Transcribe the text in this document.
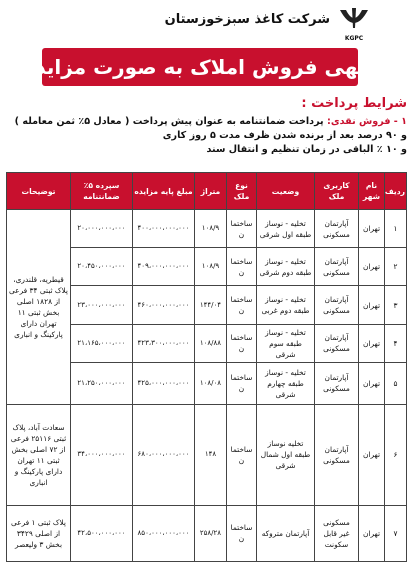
KGPC
شرکت کاغذ سبزخوزستان
آگهی فروش املاک به صورت مزایده
شرایط پرداخت :

۱ - فروش نقدی: پرداخت ضمانتنامه به عنوان پیش پرداخت ( معادل ۵٪ ثمن معامله )

و ۹۰ درصد بعد از برنده شدن ظرف مدت ۵ روز کاری

و ۱۰ ٪ الباقی در زمان تنظیم و انتقال سند

ردیف	نام شهر	کاربری ملک	وضعیت	نوع ملک	متراژ	مبلغ پایه مزایده	سپرده ۵٪ ضمانتنامه	توضیحات
۱	تهران	آپارتمان مسکونی	تخلیه - نوساز طبقه اول شرقی	ساختمان	۱۰۸/۹	۴۰۰،۰۰۰،۰۰۰،۰۰۰	۲۰،۰۰۰،۰۰۰،۰۰۰	قیطریه، قلندری، پلاک ثبتی ۳۴ فرعی از ۱۸۲۸ اصلی بخش ثبتی ۱۱ تهران دارای پارکینگ و انباری
۲	تهران	آپارتمان مسکونی	تخلیه - نوساز طبقه دوم شرقی	ساختمان	۱۰۸/۹	۴۰۹،۰۰۰،۰۰۰،۰۰۰	۲۰،۴۵۰،۰۰۰،۰۰۰	
۳	تهران	آپارتمان مسکونی	تخلیه - نوساز طبقه دوم غربی	ساختمان	۱۴۴/۰۴	۴۶۰،۰۰۰،۰۰۰،۰۰۰	۲۳،۰۰۰،۰۰۰،۰۰۰	
۴	تهران	آپارتمان مسکونی	تخلیه - نوساز طبقه سوم شرقی	ساختمان	۱۰۸/۸۸	۴۲۳،۳۰۰،۰۰۰،۰۰۰	۲۱،۱۶۵،۰۰۰،۰۰۰	
۵	تهران	آپارتمان مسکونی	تخلیه - نوساز طبقه چهارم شرقی	ساختمان	۱۰۸/۰۸	۴۲۵،۰۰۰،۰۰۰،۰۰۰	۲۱،۲۵۰،۰۰۰،۰۰۰	
۶	تهران	آپارتمان مسکونی	تخلیه نوساز طبقه اول شمال شرقی	ساختمان	۱۴۸	۶۸۰،۰۰۰،۰۰۰،۰۰۰	۳۴،۰۰۰،۰۰۰،۰۰۰	سعادت آباد، پلاک ثبتی ۲۵۱۱۶ فرعی از ۷۲ اصلی بخش ثبتی ۱۱ تهران دارای پارکینگ و انباری
۷	تهران	مسکونی غیر قابل سکونت	آپارتمان متروکه	ساختمان	۲۵۸/۲۸	۸۵۰،۰۰۰،۰۰۰،۰۰۰	۴۲،۵۰۰،۰۰۰،۰۰۰	پلاک ثبتی ۱ فرعی از اصلی ۳۴۲۹ بخش ۳ ولیعصر
